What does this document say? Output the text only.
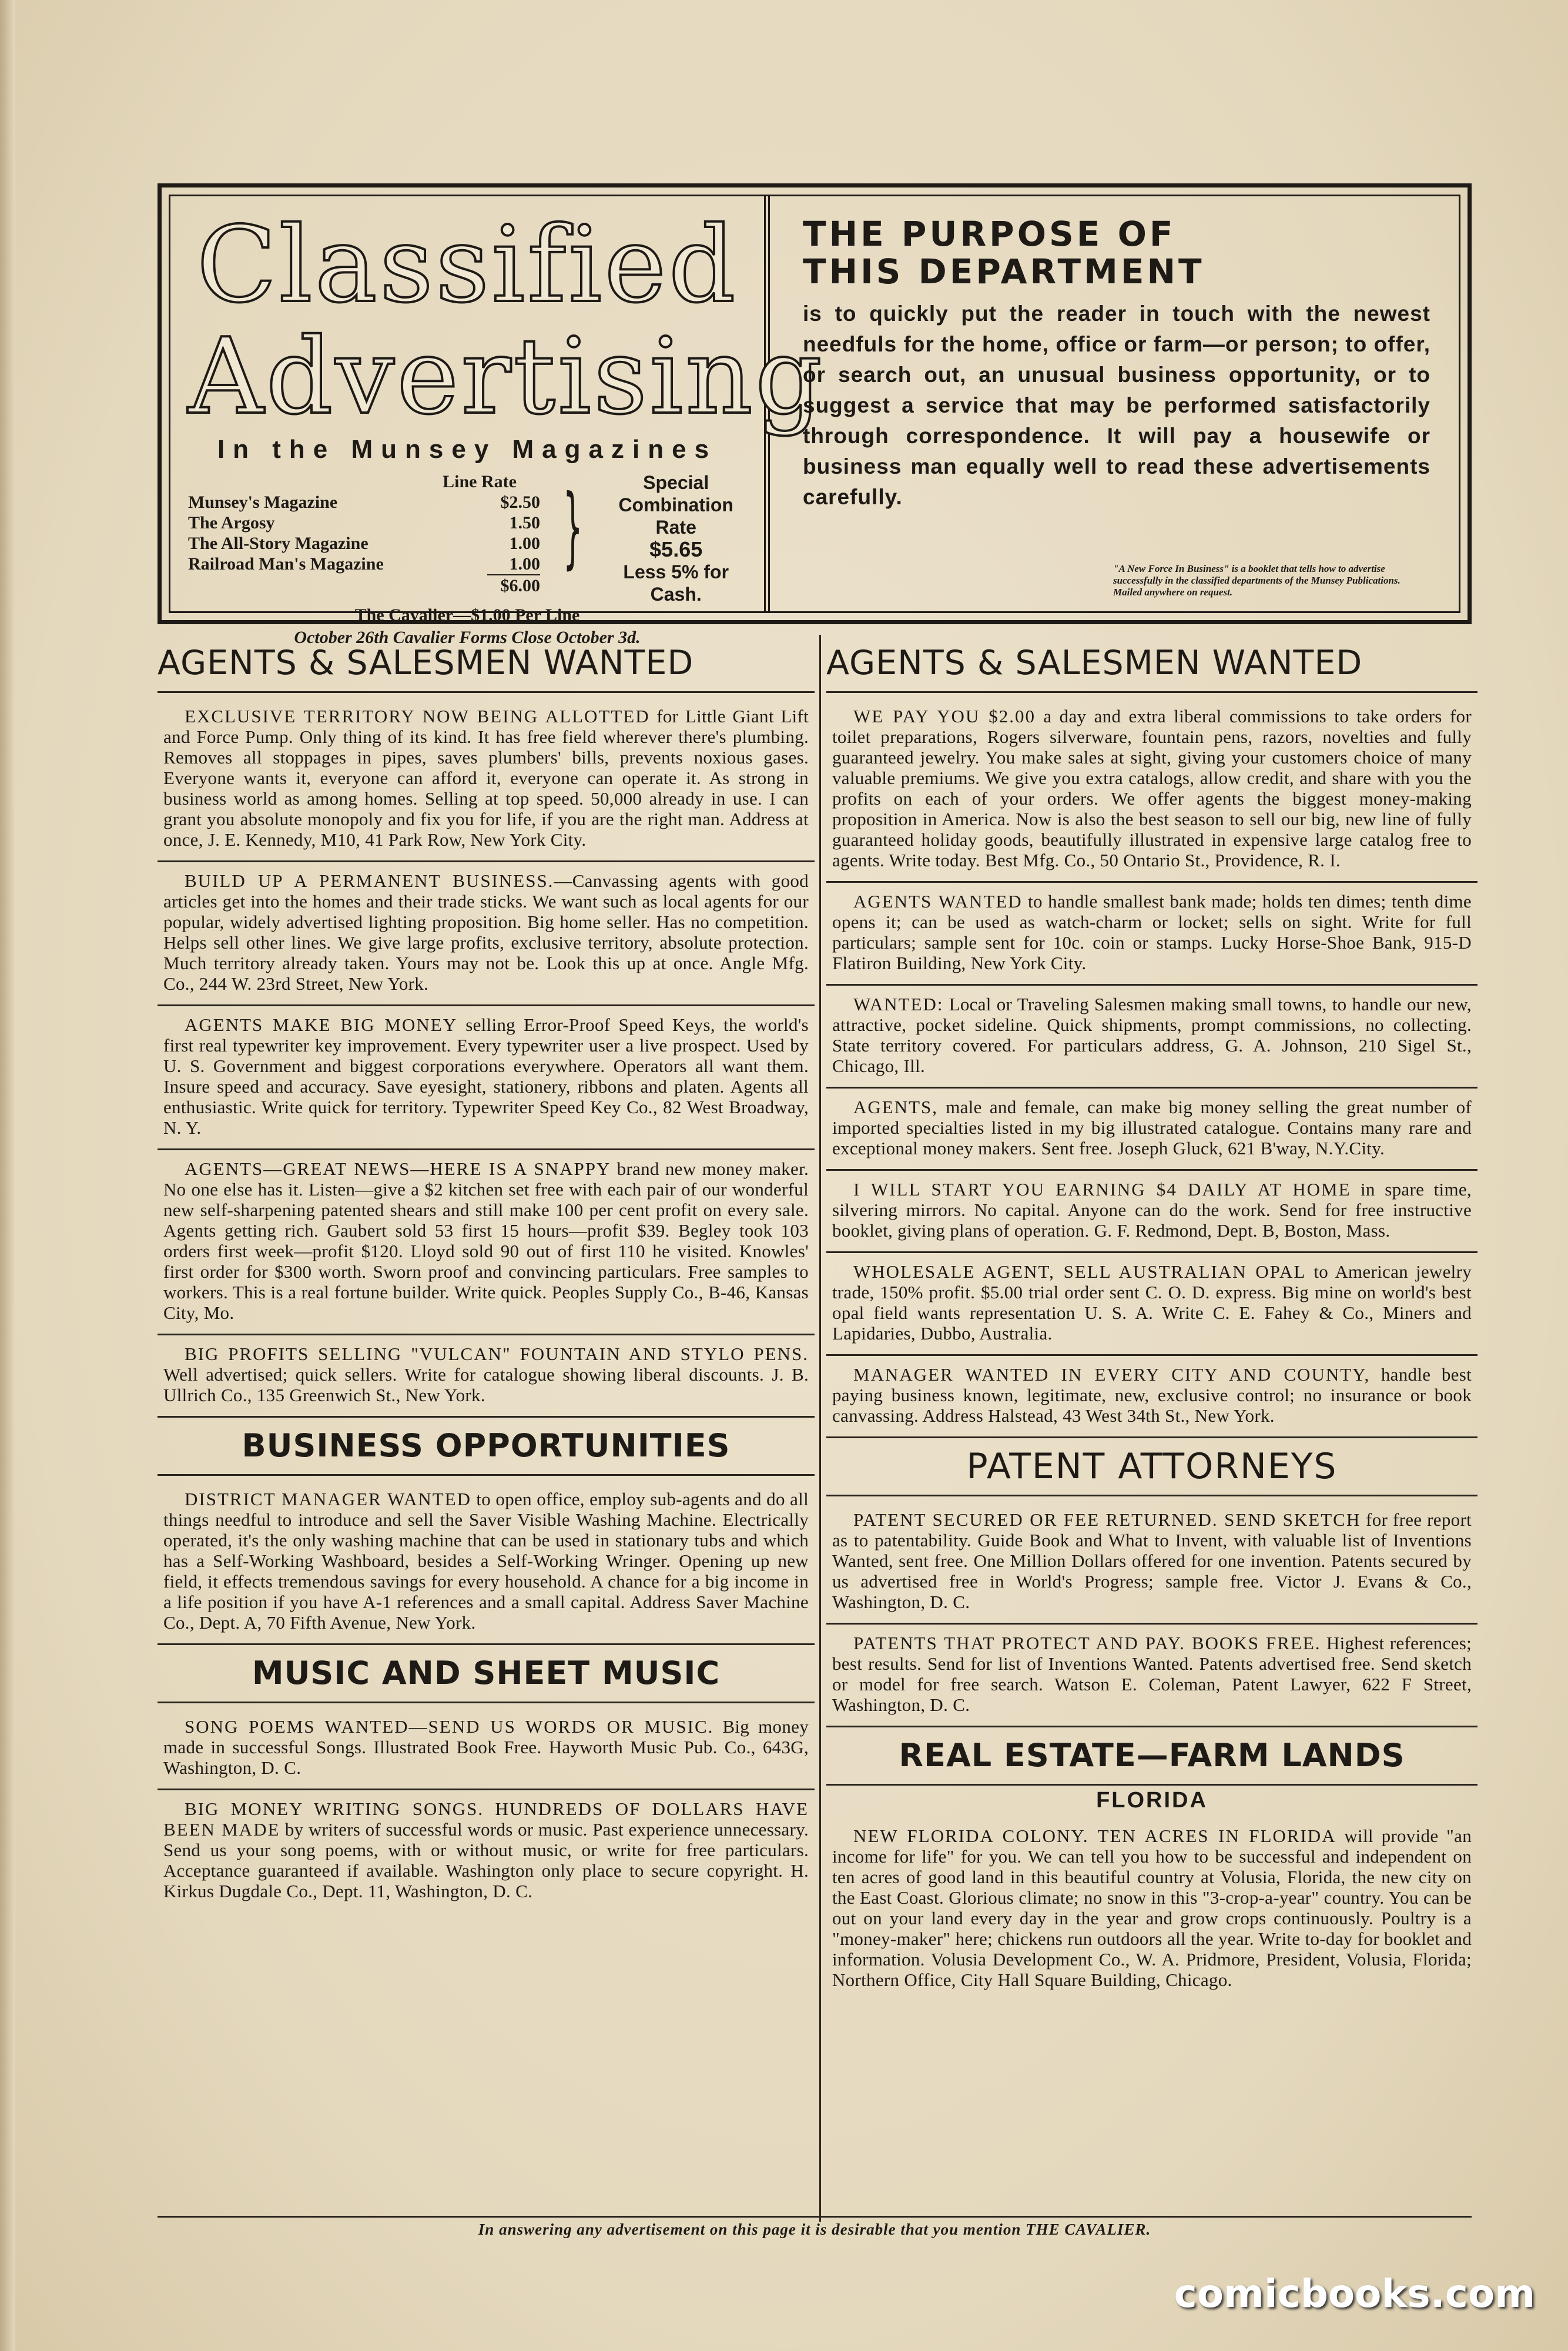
Classified
Advertising
In the Munsey Magazines
Line Rate
Munsey's Magazine	$2.50
The Argosy	1.50
The All-Story Magazine	1.00
Railroad Man's Magazine	1.00
$6.00
}	Special
Combination
Rate
$5.65
Less 5% for
Cash.
The Cavalier—$1.00 Per Line
October 26th Cavalier Forms Close October 3d.
THE PURPOSE OF
THIS DEPARTMENT
is to quickly put the reader in touch with the newest needfuls for the home, office or farm—or person; to offer, or search out, an unusual business opportunity, or to suggest a service that may be performed satisfactorily through correspondence. It will pay a housewife or business man equally well to read these advertisements carefully.
"A New Force In Business" is a booklet that tells how to advertise successfully in the classified departments of the Munsey Publications. Mailed anywhere on request.
AGENTS & SALESMEN WANTED
EXCLUSIVE TERRITORY NOW BEING ALLOTTED for Little Giant Lift and Force Pump. Only thing of its kind. It has free field wherever there's plumbing. Removes all stoppages in pipes, saves plumbers' bills, prevents noxious gases. Everyone wants it, everyone can afford it, everyone can operate it. As strong in business world as among homes. Selling at top speed. 50,000 already in use. I can grant you absolute monopoly and fix you for life, if you are the right man. Address at once, J. E. Kennedy, M10, 41 Park Row, New York City.
BUILD UP A PERMANENT BUSINESS.—Canvassing agents with good articles get into the homes and their trade sticks. We want such as local agents for our popular, widely advertised lighting proposition. Big home seller. Has no competition. Helps sell other lines. We give large profits, exclusive territory, absolute protection. Much territory already taken. Yours may not be. Look this up at once. Angle Mfg. Co., 244 W. 23rd Street, New York.
AGENTS MAKE BIG MONEY selling Error-Proof Speed Keys, the world's first real typewriter key improvement. Every typewriter user a live prospect. Used by U. S. Government and biggest corporations everywhere. Operators all want them. Insure speed and accuracy. Save eyesight, stationery, ribbons and platen. Agents all enthusiastic. Write quick for territory. Typewriter Speed Key Co., 82 West Broadway, N. Y.
AGENTS—GREAT NEWS—HERE IS A SNAPPY brand new money maker. No one else has it. Listen—give a $2 kitchen set free with each pair of our wonderful new self-sharpening patented shears and still make 100 per cent profit on every sale. Agents getting rich. Gaubert sold 53 first 15 hours—profit $39. Begley took 103 orders first week—profit $120. Lloyd sold 90 out of first 110 he visited. Knowles' first order for $300 worth. Sworn proof and convincing particulars. Free samples to workers. This is a real fortune builder. Write quick. Peoples Supply Co., B-46, Kansas City, Mo.
BIG PROFITS SELLING "VULCAN" FOUNTAIN AND STYLO PENS. Well advertised; quick sellers. Write for catalogue showing liberal discounts. J. B. Ullrich Co., 135 Greenwich St., New York.
BUSINESS OPPORTUNITIES
DISTRICT MANAGER WANTED to open office, employ sub-agents and do all things needful to introduce and sell the Saver Visible Washing Machine. Electrically operated, it's the only washing machine that can be used in stationary tubs and which has a Self-Working Washboard, besides a Self-Working Wringer. Opening up new field, it effects tremendous savings for every household. A chance for a big income in a life position if you have A-1 references and a small capital. Address Saver Machine Co., Dept. A, 70 Fifth Avenue, New York.
MUSIC AND SHEET MUSIC
SONG POEMS WANTED—SEND US WORDS OR MUSIC. Big money made in successful Songs. Illustrated Book Free. Hayworth Music Pub. Co., 643G, Washington, D. C.
BIG MONEY WRITING SONGS. HUNDREDS OF DOLLARS HAVE BEEN MADE by writers of successful words or music. Past experience unnecessary. Send us your song poems, with or without music, or write for free particulars. Acceptance guaranteed if available. Washington only place to secure copyright. H. Kirkus Dugdale Co., Dept. 11, Washington, D. C.
AGENTS & SALESMEN WANTED
WE PAY YOU $2.00 a day and extra liberal commissions to take orders for toilet preparations, Rogers silverware, fountain pens, razors, novelties and fully guaranteed jewelry. You make sales at sight, giving your customers choice of many valuable premiums. We give you extra catalogs, allow credit, and share with you the profits on each of your orders. We offer agents the biggest money-making proposition in America. Now is also the best season to sell our big, new line of fully guaranteed holiday goods, beautifully illustrated in expensive large catalog free to agents. Write today. Best Mfg. Co., 50 Ontario St., Providence, R. I.
AGENTS WANTED to handle smallest bank made; holds ten dimes; tenth dime opens it; can be used as watch-charm or locket; sells on sight. Write for full particulars; sample sent for 10c. coin or stamps. Lucky Horse-Shoe Bank, 915-D Flatiron Building, New York City.
WANTED: Local or Traveling Salesmen making small towns, to handle our new, attractive, pocket sideline. Quick shipments, prompt commissions, no collecting. State territory covered. For particulars address, G. A. Johnson, 210 Sigel St., Chicago, Ill.
AGENTS, male and female, can make big money selling the great number of imported specialties listed in my big illustrated catalogue. Contains many rare and exceptional money makers. Sent free. Joseph Gluck, 621 B'way, N.Y.City.
I WILL START YOU EARNING $4 DAILY AT HOME in spare time, silvering mirrors. No capital. Anyone can do the work. Send for free instructive booklet, giving plans of operation. G. F. Redmond, Dept. B, Boston, Mass.
WHOLESALE AGENT, SELL AUSTRALIAN OPAL to American jewelry trade, 150% profit. $5.00 trial order sent C. O. D. express. Big mine on world's best opal field wants representation U. S. A. Write C. E. Fahey & Co., Miners and Lapidaries, Dubbo, Australia.
MANAGER WANTED IN EVERY CITY AND COUNTY, handle best paying business known, legitimate, new, exclusive control; no insurance or book canvassing. Address Halstead, 43 West 34th St., New York.
PATENT ATTORNEYS
PATENT SECURED OR FEE RETURNED. SEND SKETCH for free report as to patentability. Guide Book and What to Invent, with valuable list of Inventions Wanted, sent free. One Million Dollars offered for one invention. Patents secured by us advertised free in World's Progress; sample free. Victor J. Evans & Co., Washington, D. C.
PATENTS THAT PROTECT AND PAY. BOOKS FREE. Highest references; best results. Send for list of Inventions Wanted. Patents advertised free. Send sketch or model for free search. Watson E. Coleman, Patent Lawyer, 622 F Street, Washington, D. C.
REAL ESTATE—FARM LANDS
FLORIDA
NEW FLORIDA COLONY. TEN ACRES IN FLORIDA will provide "an income for life" for you. We can tell you how to be successful and independent on ten acres of good land in this beautiful country at Volusia, Florida, the new city on the East Coast. Glorious climate; no snow in this "3-crop-a-year" country. You can be out on your land every day in the year and grow crops continuously. Poultry is a "money-maker" here; chickens run outdoors all the year. Write to-day for booklet and information. Volusia Development Co., W. A. Pridmore, President, Volusia, Florida; Northern Office, City Hall Square Building, Chicago.
In answering any advertisement on this page it is desirable that you mention THE CAVALIER.
comicbooks.com
